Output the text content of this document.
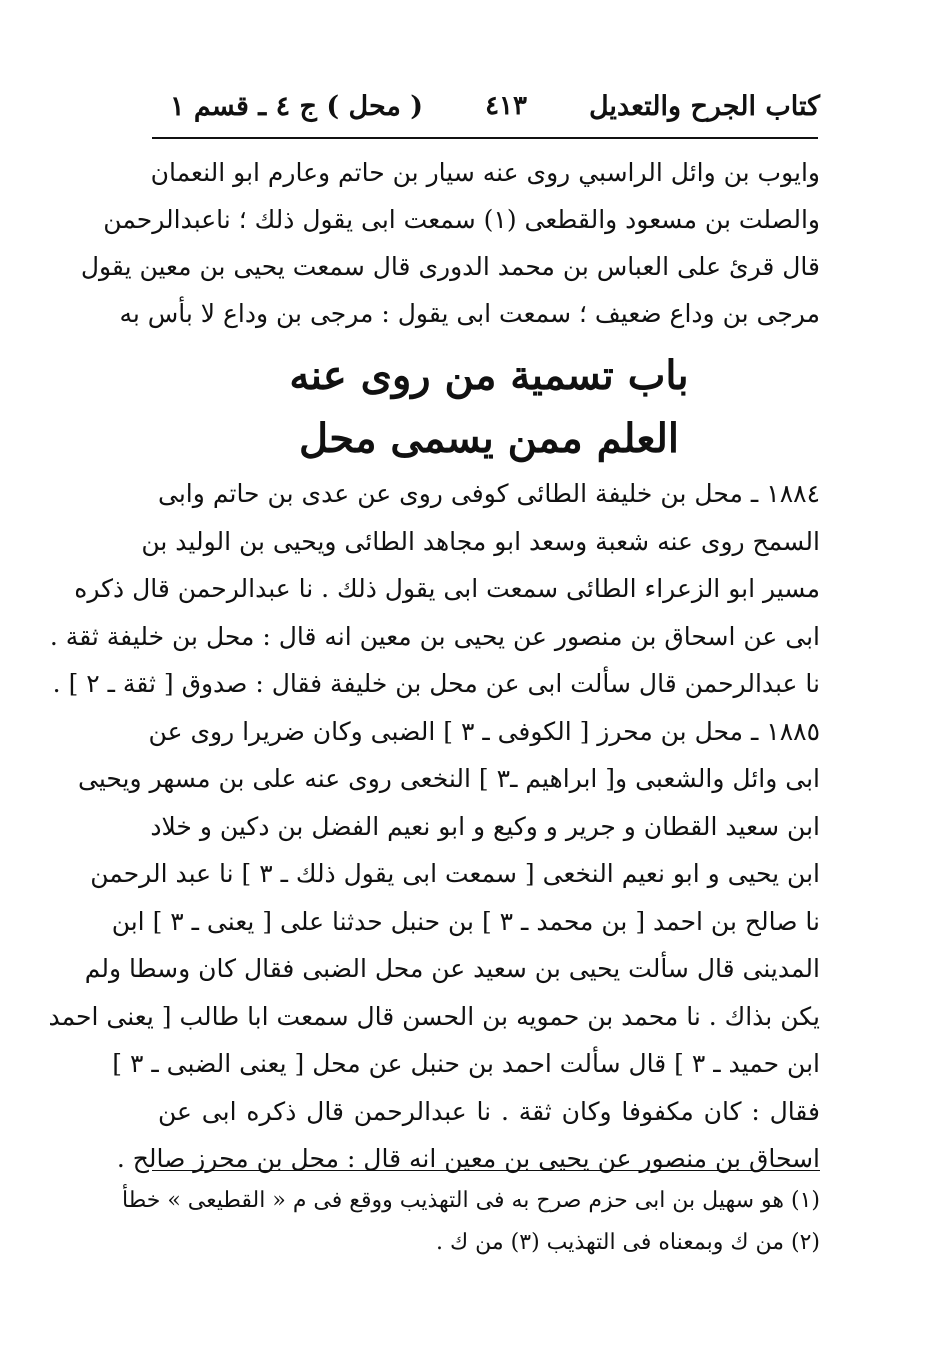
كتاب الجرح والتعديل
٤١٣
( محل ) ج ٤ ـ قسم ١
وايوب بن وائل الراسبي روى عنه سيار بن حاتم وعارم ابو النعمان
والصلت بن مسعود والقطعى (١) سمعت ابى يقول ذلك ؛ ناعبدالرحمن
قال قرئ على العباس بن محمد الدورى قال سمعت يحيى بن معين يقول
مرجى بن وداع ضعيف ؛ سمعت ابى يقول : مرجى بن وداع لا بأس به
باب تسمية من روى عنه
العلم ممن يسمى محل
١٨٨٤ ـ محل بن خليفة الطائى كوفى روى عن عدى بن حاتم وابى
السمح روى عنه شعبة وسعد ابو مجاهد الطائى ويحيى بن الوليد بن
مسير ابو الزعراء الطائى سمعت ابى يقول ذلك . نا عبدالرحمن قال ذكره
ابى عن اسحاق بن منصور عن يحيى بن معين انه قال : محل بن خليفة ثقة .
نا عبدالرحمن قال سألت ابى عن محل بن خليفة فقال : صدوق [ ثقة ـ ٢ ] .
١٨٨٥ ـ محل بن محرز [ الكوفى ـ ٣ ] الضبى وكان ضريرا روى عن
ابى وائل والشعبى و[ ابراهيم ـ٣ ] النخعى روى عنه على بن مسهر ويحيى
ابن سعيد القطان و جرير و وكيع و ابو نعيم الفضل بن دكين و خلاد
ابن يحيى و ابو نعيم النخعى [ سمعت ابى يقول ذلك ـ ٣ ] نا عبد الرحمن
نا صالح بن احمد [ بن محمد ـ ٣ ] بن حنبل حدثنا على [ يعنى ـ ٣ ] ابن
المدينى قال سألت يحيى بن سعيد عن محل الضبى فقال كان وسطا ولم
يكن بذاك . نا محمد بن حمويه بن الحسن قال سمعت ابا طالب [ يعنى احمد
ابن حميد ـ ٣ ] قال سألت احمد بن حنبل عن محل [ يعنى الضبى ـ ٣ ]
فقال : كان مكفوفا وكان ثقة . نا عبدالرحمن قال ذكره ابى عن
اسحاق بن منصور عن يحيى بن معين انه قال : محل بن محرز صالح .
(١) هو سهيل بن ابى حزم صرح به فى التهذيب ووقع فى م « القطيعى » خطأ
(٢) من ك وبمعناه فى التهذيب (٣) من ك .
